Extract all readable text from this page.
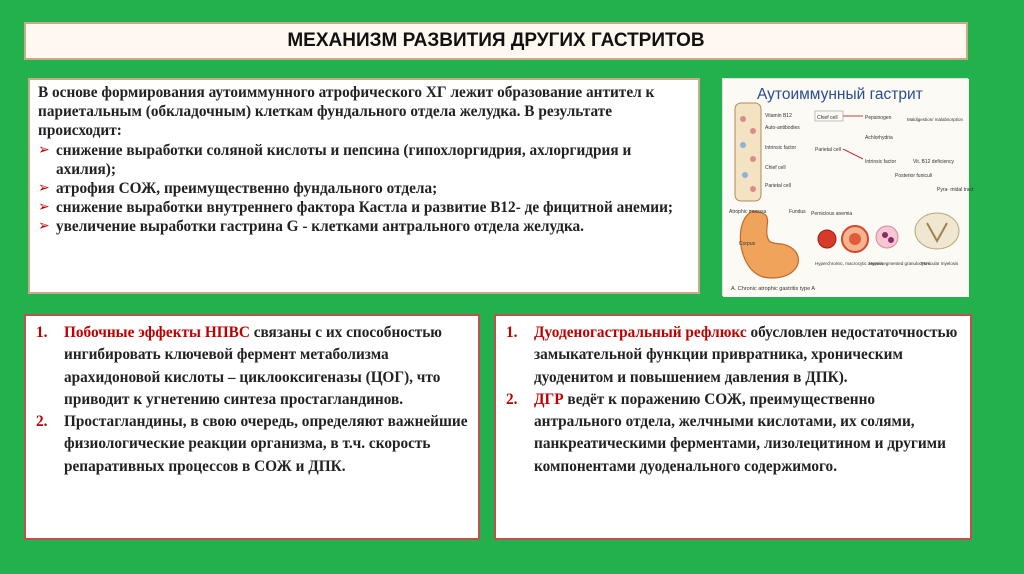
МЕХАНИЗМ РАЗВИТИЯ ДРУГИХ ГАСТРИТОВ

В основе формирования аутоиммунного атрофического ХГ лежит образование антител к париетальным (обкладочным) клеткам фундального отдела желудка. В результате происходит:

➢ снижение выработки соляной кислоты и пепсина (гипохлоргидрия, ахлоргидрия и ахилия);
➢ атрофия СОЖ, преимущественно фундального отдела;
➢ снижение выработки внутреннего фактора Кастла и развитие В12- де фицитной анемии;
➢ увеличение выработки гастрина G - клетками антрального отдела желудка.
Аутоиммунный гастрит
Vitamin B12
Auto-antibodies
Intrinsic factor
Chief cell
Parietal cell
Chief cell	Pepsinogen	Maldigestion/ malabsorption
Achlorhydria
Parietal cell
Intrinsic factor	Vit. B12 deficiency
Posterior funiculi
Pyra- midal tract
Atrophic mucosa	Fundus
Corpus
Pernicious anemia
Hyperchromic, macrocytic anemia
Hypersegmented granulocytes
Funicular myelosis
A. Chronic atrophic gastritis type A
1. Побочные эффекты НПВС связаны с их способностью ингибировать ключевой фермент метаболизма арахидоновой кислоты – циклооксигеназы (ЦОГ), что приводит к угнетению синтеза простагландинов.
2. Простагландины, в свою очередь, определяют важнейшие физиологические реакции организма, в т.ч. скорость репаративных процессов в СОЖ и ДПК.
1. Дуоденогастральный рефлюкс обусловлен недостаточностью замыкательной функции привратника, хроническим дуоденитом и повышением давления в ДПК).
2. ДГР ведёт к поражению СОЖ, преимущественно антрального отдела, желчными кислотами, их солями, панкреатическими ферментами, лизолецитином и другими компонентами дуоденального содержимого.
